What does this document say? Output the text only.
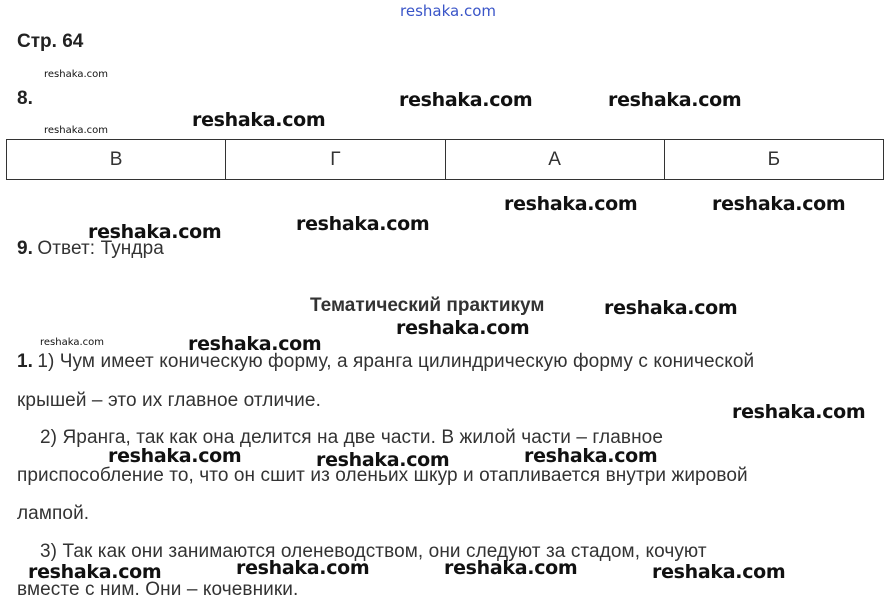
reshaka.com
Стр. 64
reshaka.com
reshaka.com
reshaka.com
8.
В	Г	А	Б
9. Ответ: Тундра
Тематический практикум
1. 1) Чум имеет коническую форму, а яранга цилиндрическую форму с конической
крышей – это их главное отличие.
2) Яранга, так как она делится на две части. В жилой части – главное
приспособление то, что он сшит из оленьих шкур и отапливается внутри жировой
лампой.
3) Так как они занимаются оленеводством, они следуют за стадом, кочуют
вместе с ним. Они – кочевники.
reshaka.com	reshaka.com
reshaka.com
reshaka.com	reshaka.com
reshaka.com
reshaka.com
reshaka.com
reshaka.com
reshaka.com
reshaka.com
reshaka.com	reshaka.com
reshaka.com
reshaka.com	reshaka.com
reshaka.com	reshaka.com
